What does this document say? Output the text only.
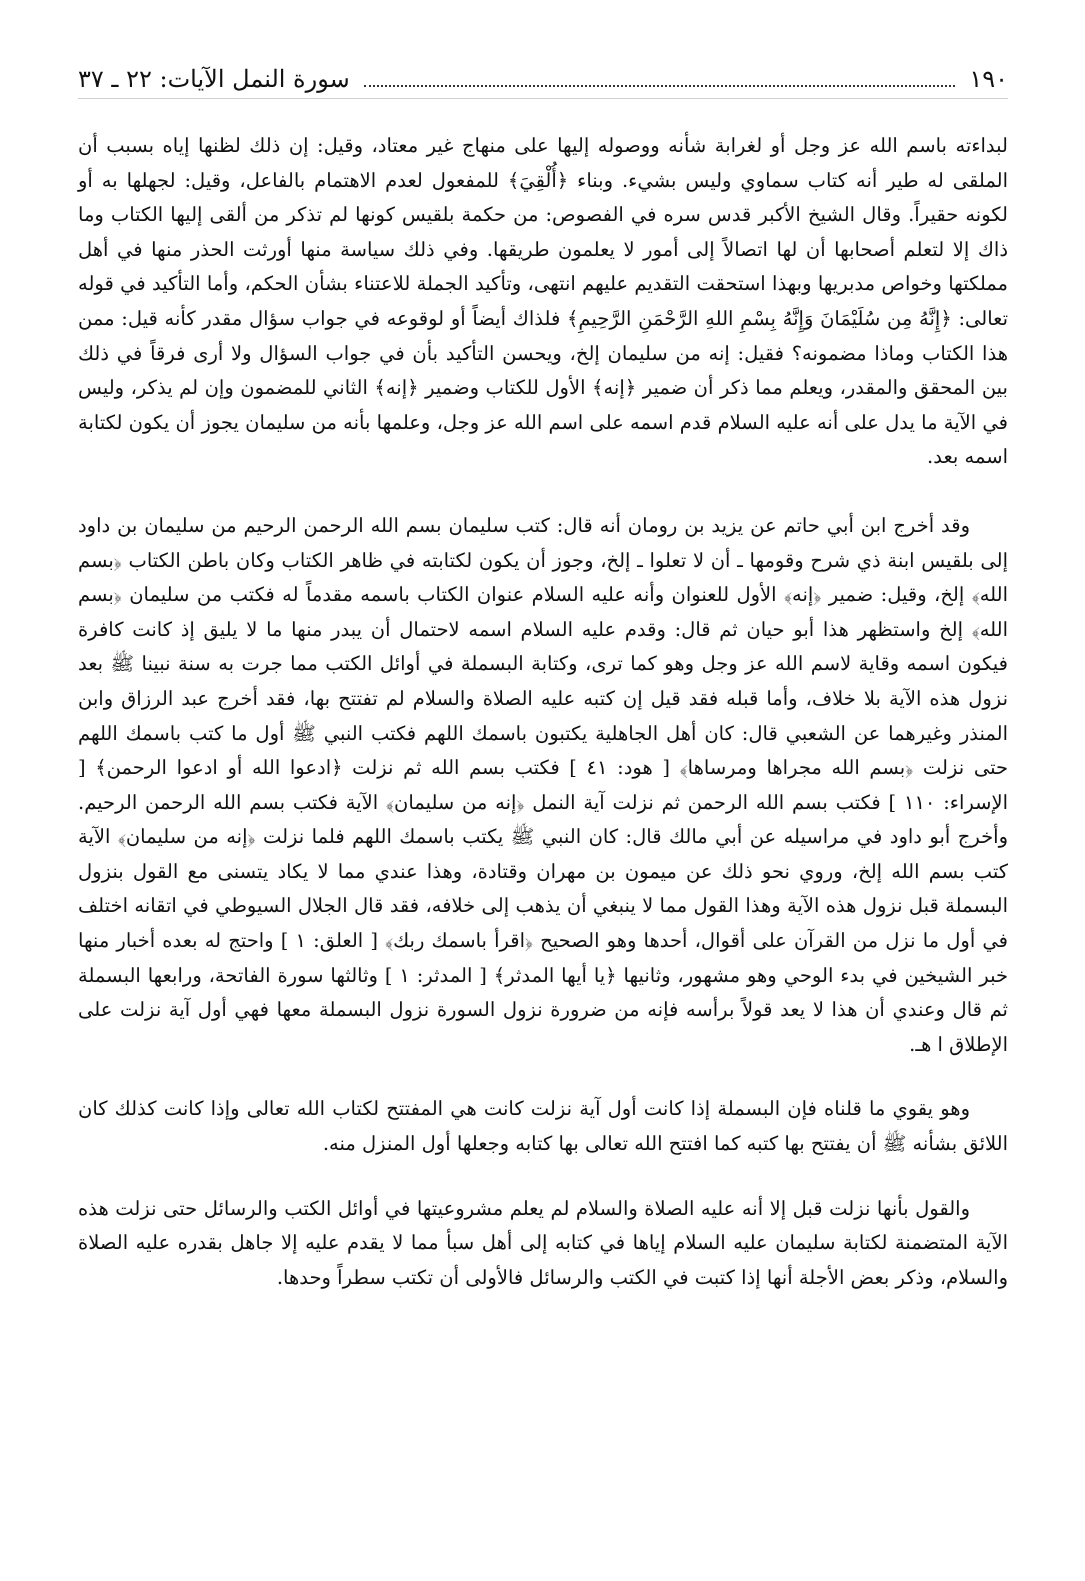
١٩٠
سورة النمل الآيات: ٢٢ ـ ٣٧

لبداءته باسم الله عز وجل أو لغرابة شأنه ووصوله إليها على منهاج غير معتاد، وقيل: إن ذلك لظنها إياه بسبب أن الملقى له طير أنه كتاب سماوي وليس بشيء. وبناء ﴿أُلْقِيَ﴾ للمفعول لعدم الاهتمام بالفاعل، وقيل: لجهلها به أو لكونه حقيراً. وقال الشيخ الأكبر قدس سره في الفصوص: من حكمة بلقيس كونها لم تذكر من ألقى إليها الكتاب وما ذاك إلا لتعلم أصحابها أن لها اتصالاً إلى أمور لا يعلمون طريقها. وفي ذلك سياسة منها أورثت الحذر منها في أهل مملكتها وخواص مدبريها وبهذا استحقت التقديم عليهم انتهى، وتأكيد الجملة للاعتناء بشأن الحكم، وأما التأكيد في قوله تعالى: ﴿إِنَّهُ مِن سُلَيْمَانَ وَإِنَّهُ بِسْمِ اللهِ الرَّحْمَنِ الرَّحِيمِ﴾ فلذاك أيضاً أو لوقوعه في جواب سؤال مقدر كأنه قيل: ممن هذا الكتاب وماذا مضمونه؟ فقيل: إنه من سليمان إلخ، ويحسن التأكيد بأن في جواب السؤال ولا أرى فرقاً في ذلك بين المحقق والمقدر، ويعلم مما ذكر أن ضمير ﴿إنه﴾ الأول للكتاب وضمير ﴿إنه﴾ الثاني للمضمون وإن لم يذكر، وليس في الآية ما يدل على أنه عليه السلام قدم اسمه على اسم الله عز وجل، وعلمها بأنه من سليمان يجوز أن يكون لكتابة اسمه بعد.

وقد أخرج ابن أبي حاتم عن يزيد بن رومان أنه قال: كتب سليمان بسم الله الرحمن الرحيم من سليمان بن داود إلى بلقيس ابنة ذي شرح وقومها ـ أن لا تعلوا ـ إلخ، وجوز أن يكون لكتابته في ظاهر الكتاب وكان باطن الكتاب ﴿بسم الله﴾ إلخ، وقيل: ضمير ﴿إنه﴾ الأول للعنوان وأنه عليه السلام عنوان الكتاب باسمه مقدماً له فكتب من سليمان ﴿بسم الله﴾ إلخ واستظهر هذا أبو حيان ثم قال: وقدم عليه السلام اسمه لاحتمال أن يبدر منها ما لا يليق إذ كانت كافرة فيكون اسمه وقاية لاسم الله عز وجل وهو كما ترى، وكتابة البسملة في أوائل الكتب مما جرت به سنة نبينا ﷺ بعد نزول هذه الآية بلا خلاف، وأما قبله فقد قيل إن كتبه عليه الصلاة والسلام لم تفتتح بها، فقد أخرج عبد الرزاق وابن المنذر وغيرهما عن الشعبي قال: كان أهل الجاهلية يكتبون باسمك اللهم فكتب النبي ﷺ أول ما كتب باسمك اللهم حتى نزلت ﴿بسم الله مجراها ومرساها﴾ [ هود: ٤١ ] فكتب بسم الله ثم نزلت ﴿ادعوا الله أو ادعوا الرحمن﴾ [ الإسراء: ١١٠ ] فكتب بسم الله الرحمن ثم نزلت آية النمل ﴿إنه من سليمان﴾ الآية فكتب بسم الله الرحمن الرحيم. وأخرج أبو داود في مراسيله عن أبي مالك قال: كان النبي ﷺ يكتب باسمك اللهم فلما نزلت ﴿إنه من سليمان﴾ الآية كتب بسم الله إلخ، وروي نحو ذلك عن ميمون بن مهران وقتادة، وهذا عندي مما لا يكاد يتسنى مع القول بنزول البسملة قبل نزول هذه الآية وهذا القول مما لا ينبغي أن يذهب إلى خلافه، فقد قال الجلال السيوطي في اتقانه اختلف في أول ما نزل من القرآن على أقوال، أحدها وهو الصحيح ﴿اقرأ باسمك ربك﴾ [ العلق: ١ ] واحتج له بعده أخبار منها خبر الشيخين في بدء الوحي وهو مشهور، وثانيها ﴿يا أيها المدثر﴾ [ المدثر: ١ ] وثالثها سورة الفاتحة، ورابعها البسملة ثم قال وعندي أن هذا لا يعد قولاً برأسه فإنه من ضرورة نزول السورة نزول البسملة معها فهي أول آية نزلت على الإطلاق ا هـ.

وهو يقوي ما قلناه فإن البسملة إذا كانت أول آية نزلت كانت هي المفتتح لكتاب الله تعالى وإذا كانت كذلك كان اللائق بشأنه ﷺ أن يفتتح بها كتبه كما افتتح الله تعالى بها كتابه وجعلها أول المنزل منه.

والقول بأنها نزلت قبل إلا أنه عليه الصلاة والسلام لم يعلم مشروعيتها في أوائل الكتب والرسائل حتى نزلت هذه الآية المتضمنة لكتابة سليمان عليه السلام إياها في كتابه إلى أهل سبأ مما لا يقدم عليه إلا جاهل بقدره عليه الصلاة والسلام، وذكر بعض الأجلة أنها إذا كتبت في الكتب والرسائل فالأولى أن تكتب سطراً وحدها.
